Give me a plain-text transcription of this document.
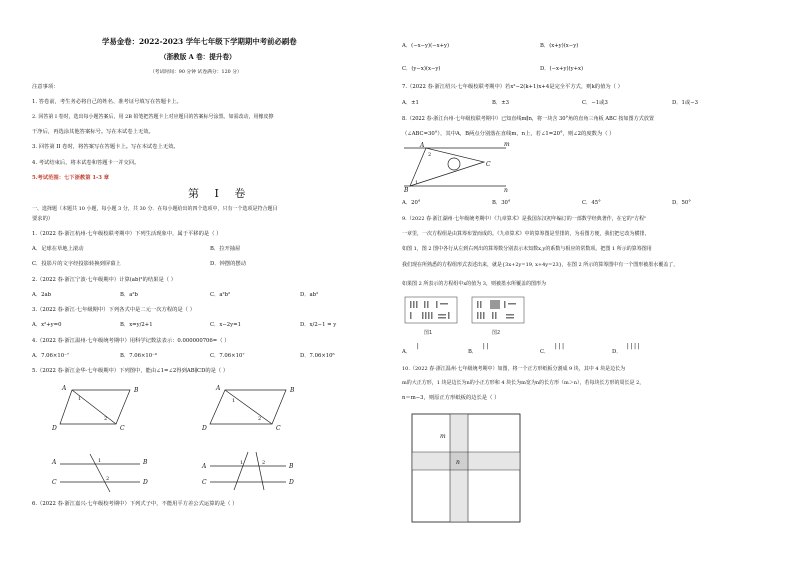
学易金卷：2022-2023 学年七年级下学期期中考前必刷卷
（浙教版 A 卷：提升卷）
（考试时间：90 分钟 试卷满分：120 分）
注意事项：
1. 答卷前，考生务必将自己的姓名、准考证号填写在答题卡上。
2. 回答第 I 卷时，选出每小题答案后，用 2B 铅笔把答题卡上对应题目的答案标号涂黑。如需改动，用橡皮擦
干净后，再选涂其他答案标号。写在本试卷上无效。
3. 回答第 II 卷时，将答案写在答题卡上。写在本试卷上无效。
4. 考试结束后，将本试卷和答题卡一并交回。
5.考试范围：七下浙教第 1-3 章
第 I 卷
一、选择题（本题共 10 小题，每小题 3 分，共 30 分．在每小题给出的四个选项中，只有一个选项是符合题目
要求的）
1.（2022 春·浙江杭州·七年级校联考期中）下列生活现象中，属于平移的是（ ）
A．足球在草地上滚动	B．拉开抽屉
C．投影片的文字经投影转换到屏幕上	D．钟摆的摆动
2.（2022 春·浙江宁波·七年级期中）计算(ab)²的结果是（ ）
A．2ab	B．a²b	C．a²b²	D．ab²
3.（2022 春·浙江·七年级期中）下列各式中是二元一次方程的是（ ）
A．x²+y=0	B．x=y/2+1	C．x−2y=1	D．x/2−1 = y
4.（2022 春·浙江温州·七年级统考期中）用科学记数法表示：0.000000706=（ ）
A．7.06×10⁻⁷	B．7.06×10⁻⁶	C．7.06×10⁷	D．7.06×10⁶
5.（2022 春·浙江金华·七年级期中）下列图中，能由∠1=∠2得到AB∥CD的是（ ）
A	B
C
D
A	B
C
D
A	B
C	D
A	B
C	D
1
2
1
2
1
2
1	2
6.（2022 春·浙江嘉兴·七年级校考期中）下列式子中，不能用平方差公式运算的是（ ）
A．(−x−y)(−x+y)	B．(x+y)(x−y)
C．(y−x)(x−y)	D．(−x+y)(y+x)
7.（2022 春·浙江绍兴·七年级校联考期中）若x²−2(k+1)x+4是完全平方式，则k的值为（ ）
A．±1	B．±3	C．−1或3	D．1或−3
8.（2022 春·浙江台州·七年级校联考期中）已知直线m∥n，将一块含 30°角的直角三角板 ABC 按如图方式放置
（∠ABC=30°），其中A，B两点分别落在直线m，n上，若∠1=20°，则∠2的度数为（ ）
A
B
C
m
n
1
2
A．20°	B．30°	C．45°	D．50°
9.（2022 春·浙江湖州·七年级统考期中）《九章算术》是我国东汉初年编订的一部数学经典著作，在它的"方程"
一章里，一次方程组是由算筹布置而成的。《九章算术》中的算筹图是竖排的，为看图方便，我们把它改为横排，
如图 1，图 2 图中各行从左到右列出的算筹数分别表示未知数x,y的系数与相应的常数项。把图 1 所示的算筹图用
我们现在所熟悉的方程组形式表述出来，就是{3x+2y=19, x+4y=23}，在图 2 所示的算筹图中有一个图形被墨水覆盖了，
如果图 2 所表示的方程组中x的值为 3，则被墨水所覆盖的图形为
图1	图2
A．
|
B．
||
C．
|||
D．
||||
10.（2022 春·浙江温州·七年级统考期中）如图，将一个正方形纸板分割成 9 块，其中 4 块是边长为
m的大正方形，1 块是边长为n的小正方形和 4 块长为m宽为n的长方形（m＞n），若每块长方形的周长是 2，
n＝m−3，则原正方形纸板的边长是（ ）
m
n
